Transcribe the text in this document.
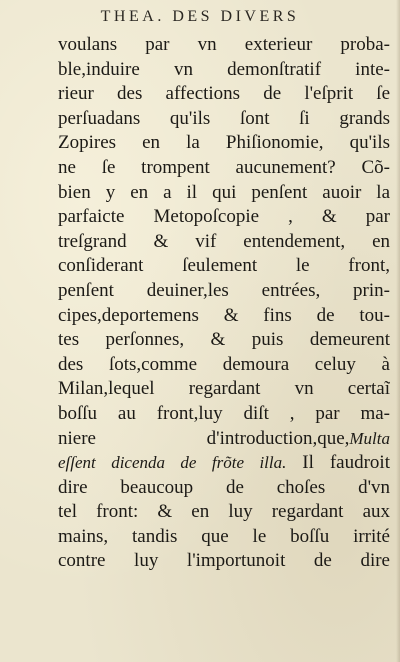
THEA. DES DIVERS
voulans par vn exterieur proba-
ble,induire vn demonſtratif inte-
rieur des affections de l'eſprit ſe
perſuadans qu'ils ſont ſi grands
Zopires en la Phiſionomie, qu'ils
ne ſe trompent aucunement? Cõ-
bien y en a il qui penſent auoir la
parfaicte Metopoſcopie , & par
treſgrand & vif entendement, en
conſiderant ſeulement le front,
penſent deuiner,les entrées, prin-
cipes,deportemens & fins de tou-
tes perſonnes, & puis demeurent
des ſots,comme demoura celuy à
Milan,lequel regardant vn certaĩ
boſſu au front,luy diſt , par ma-
niere d'introduction,que,Multa
eſſent dicenda de frõte illa. Il faudroit
dire beaucoup de choſes d'vn
tel front: & en luy regardant aux
mains, tandis que le boſſu irrité
contre luy l'importunoit de dire
